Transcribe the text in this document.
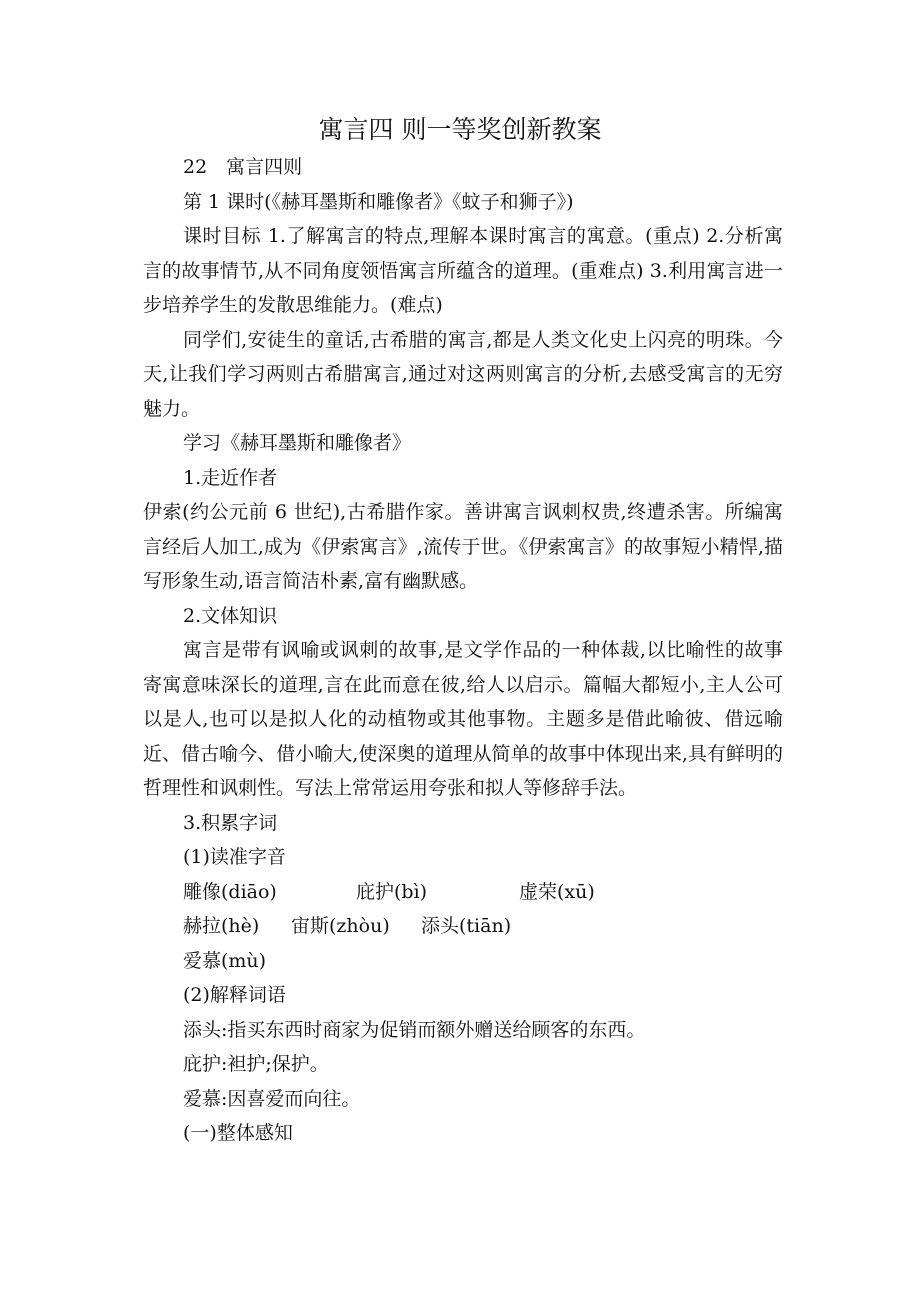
寓言四 则一等奖创新教案

22　寓言四则

第 1 课时(《赫耳墨斯和雕像者》《蚊子和狮子》)

课时目标 1.了解寓言的特点,理解本课时寓言的寓意。(重点) 2.分析寓言的故事情节,从不同角度领悟寓言所蕴含的道理。(重难点) 3.利用寓言进一步培养学生的发散思维能力。(难点)

同学们,安徒生的童话,古希腊的寓言,都是人类文化史上闪亮的明珠。今天,让我们学习两则古希腊寓言,通过对这两则寓言的分析,去感受寓言的无穷魅力。

学习《赫耳墨斯和雕像者》

1.走近作者

伊索(约公元前 6 世纪),古希腊作家。善讲寓言讽刺权贵,终遭杀害。所编寓言经后人加工,成为《伊索寓言》,流传于世。《伊索寓言》的故事短小精悍,描写形象生动,语言简洁朴素,富有幽默感。

2.文体知识

寓言是带有讽喻或讽刺的故事,是文学作品的一种体裁,以比喻性的故事寄寓意味深长的道理,言在此而意在彼,给人以启示。篇幅大都短小,主人公可以是人,也可以是拟人化的动植物或其他事物。主题多是借此喻彼、借远喻近、借古喻今、借小喻大,使深奥的道理从简单的故事中体现出来,具有鲜明的哲理性和讽刺性。写法上常常运用夸张和拟人等修辞手法。

3.积累字词

(1)读准字音

雕像(diāo)	庇护(bì)	虚荣(xū)
赫拉(hè)	宙斯(zhòu)	添头(tiān)
爱慕(mù)

(2)解释词语

添头:指买东西时商家为促销而额外赠送给顾客的东西。

庇护:袒护;保护。

爱慕:因喜爱而向往。

(一)整体感知
